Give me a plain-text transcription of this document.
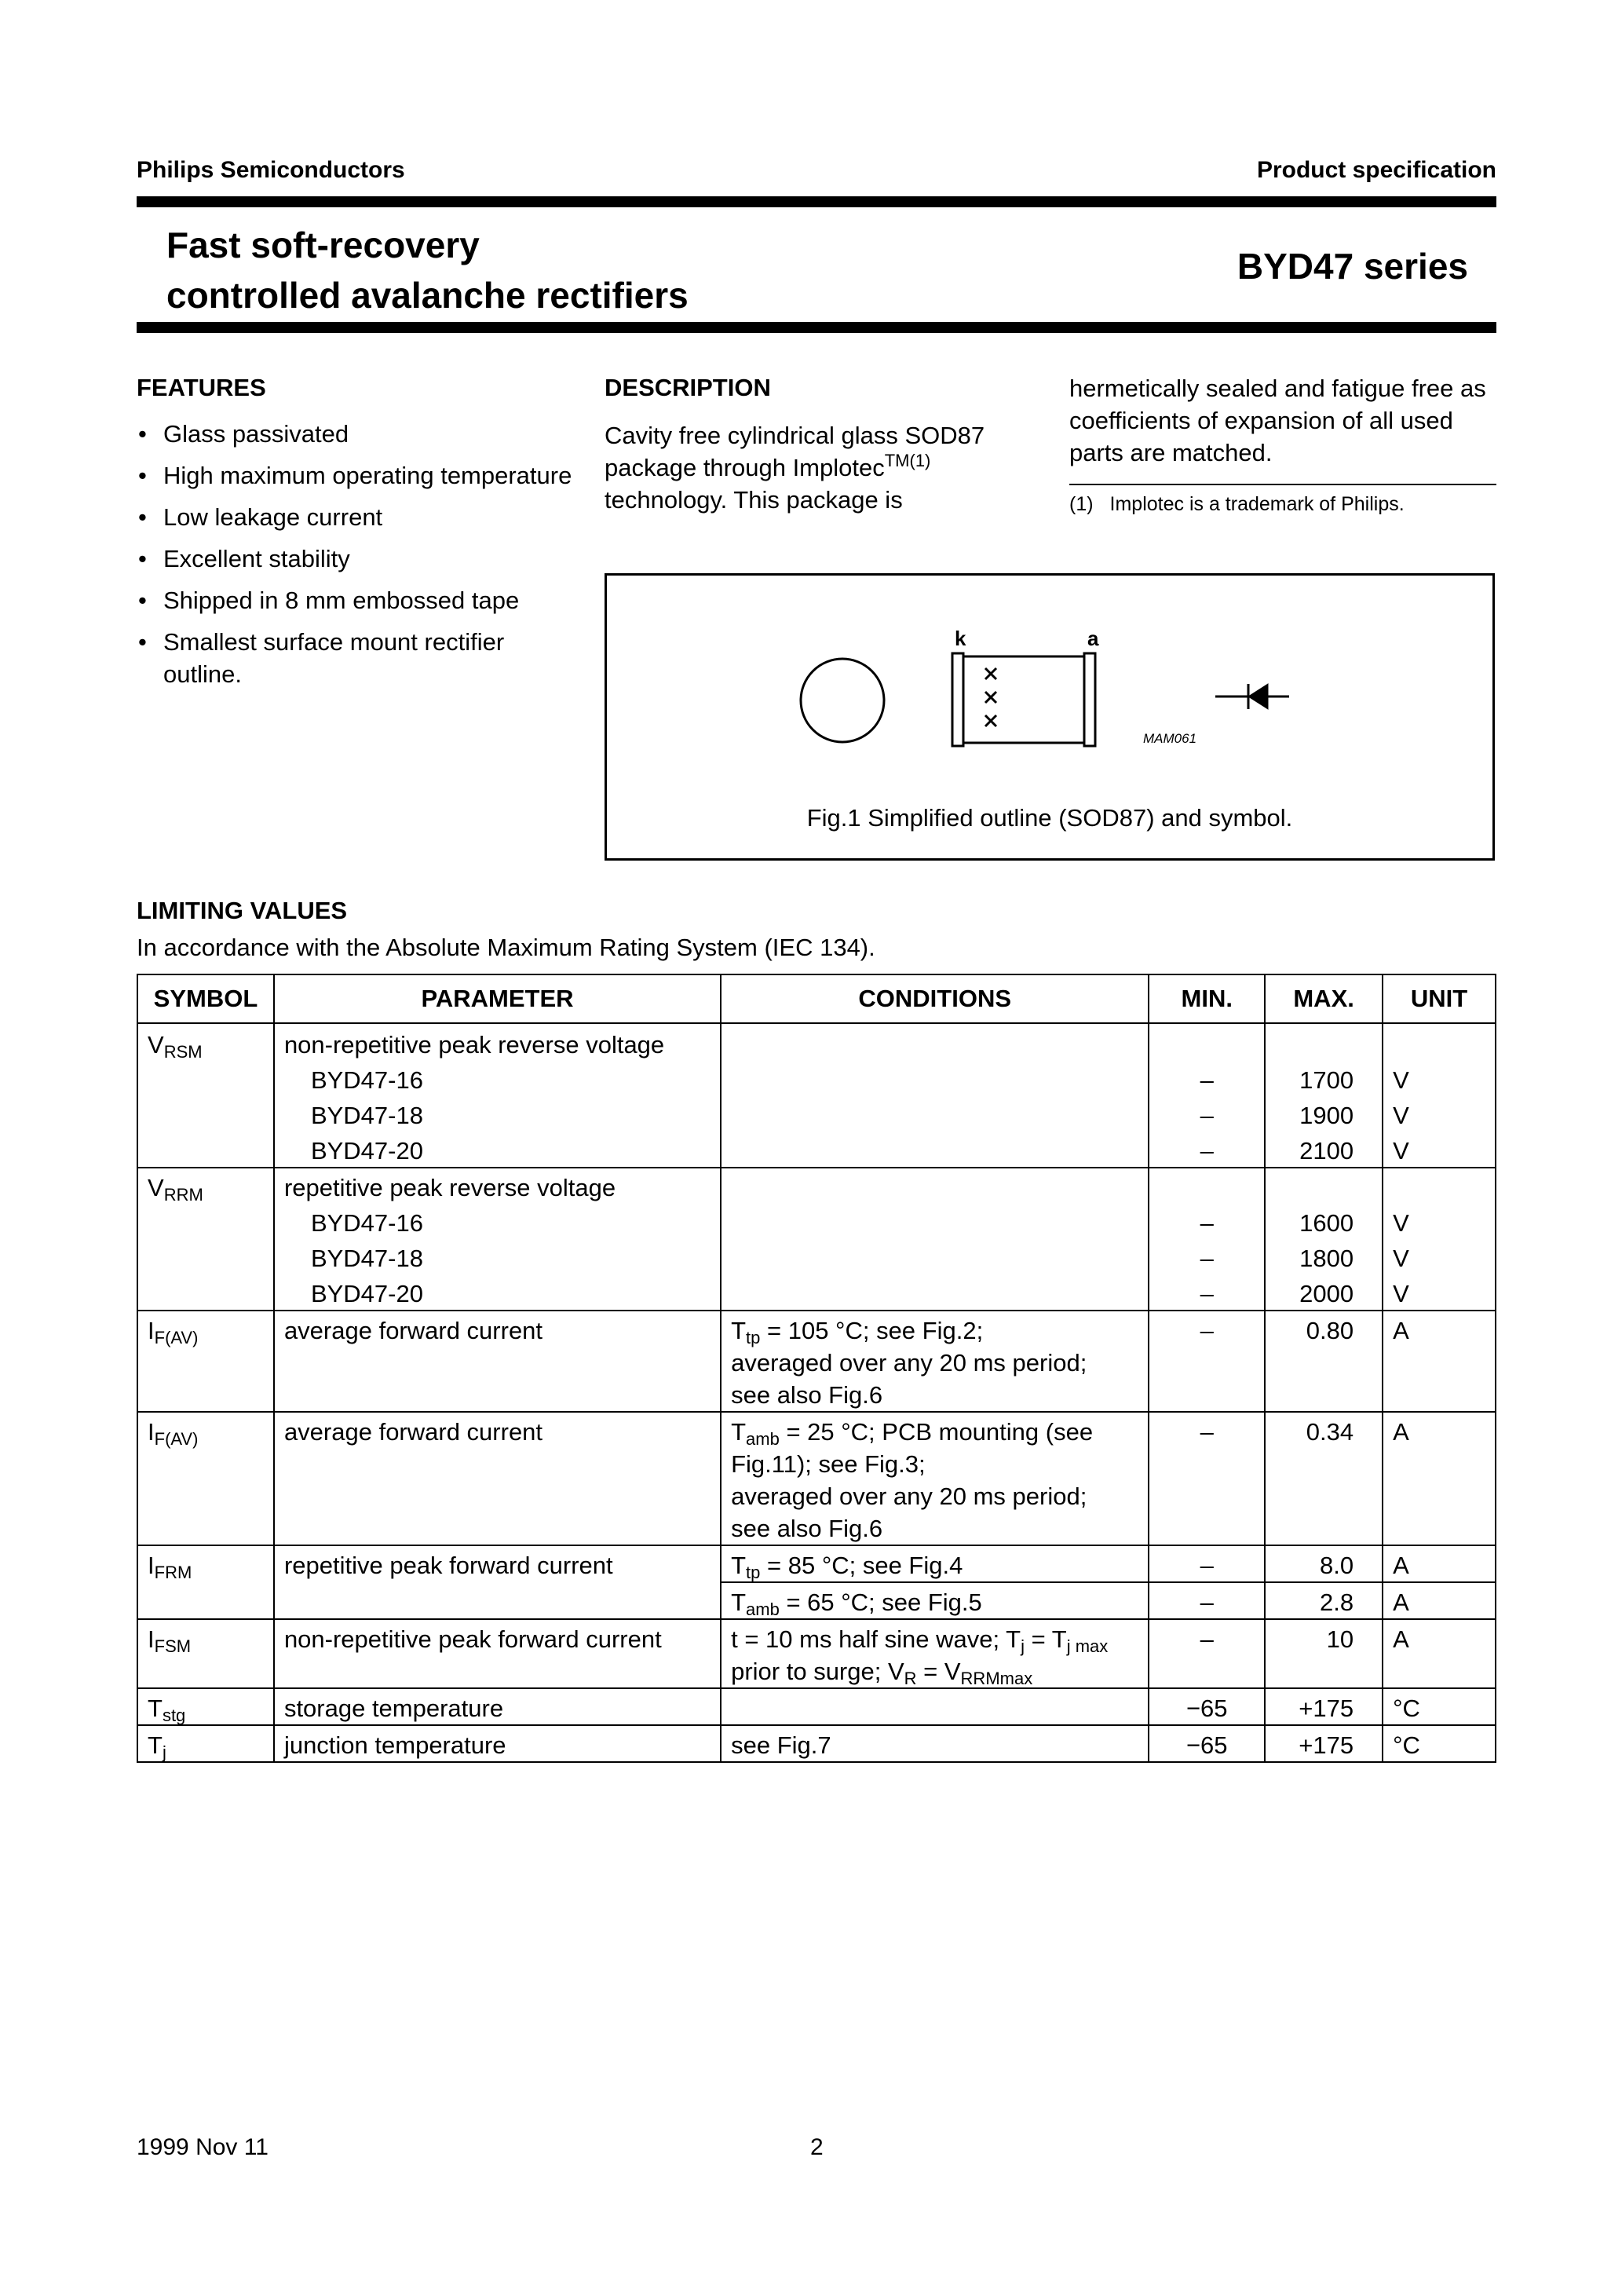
Philips Semiconductors	Product specification
Fast soft-recovery
controlled avalanche rectifiers
BYD47 series
FEATURES
• Glass passivated
• High maximum operating temperature
• Low leakage current
• Excellent stability
• Shipped in 8 mm embossed tape
• Smallest surface mount rectifier outline.
DESCRIPTION
Cavity free cylindrical glass SOD87 package through Implotec$^{TM(1)}$ technology. This package is
hermetically sealed and fatigue free as coefficients of expansion of all used parts are matched.
(1) Implotec is a trademark of Philips.
k	a
MAM061
Fig.1 Simplified outline (SOD87) and symbol.
LIMITING VALUES
In accordance with the Absolute Maximum Rating System (IEC 134).
SYMBOL	PARAMETER	CONDITIONS	MIN.	MAX.	UNIT
$V_{RSM}$	non-repetitive peak reverse voltage				
	BYD47-16		–	1700	V
	BYD47-18		–	1900	V
	BYD47-20		–	2100	V
$V_{RRM}$	repetitive peak reverse voltage				
	BYD47-16		–	1600	V
	BYD47-18		–	1800	V
	BYD47-20		–	2000	V
$I_{F(AV)}$	average forward current	$T_{tp} = 105$ °C; see Fig.2;
averaged over any 20 ms period;
see also Fig.6	–	0.80	A
$I_{F(AV)}$	average forward current	$T_{amb} = 25$ °C; PCB mounting (see
Fig.11); see Fig.3;
averaged over any 20 ms period;
see also Fig.6	–	0.34	A
$I_{FRM}$	repetitive peak forward current	$T_{tp} = 85$ °C; see Fig.4	–	8.0	A
		$T_{amb} = 65$ °C; see Fig.5	–	2.8	A
$I_{FSM}$	non-repetitive peak forward current	t = 10 ms half sine wave; $T_j = T_{j max}$
prior to surge; $V_R = V_{RRMmax}$	–	10	A
$T_{stg}$	storage temperature		−65	+175	°C
$T_j$	junction temperature	see Fig.7	−65	+175	°C
1999 Nov 11	2
